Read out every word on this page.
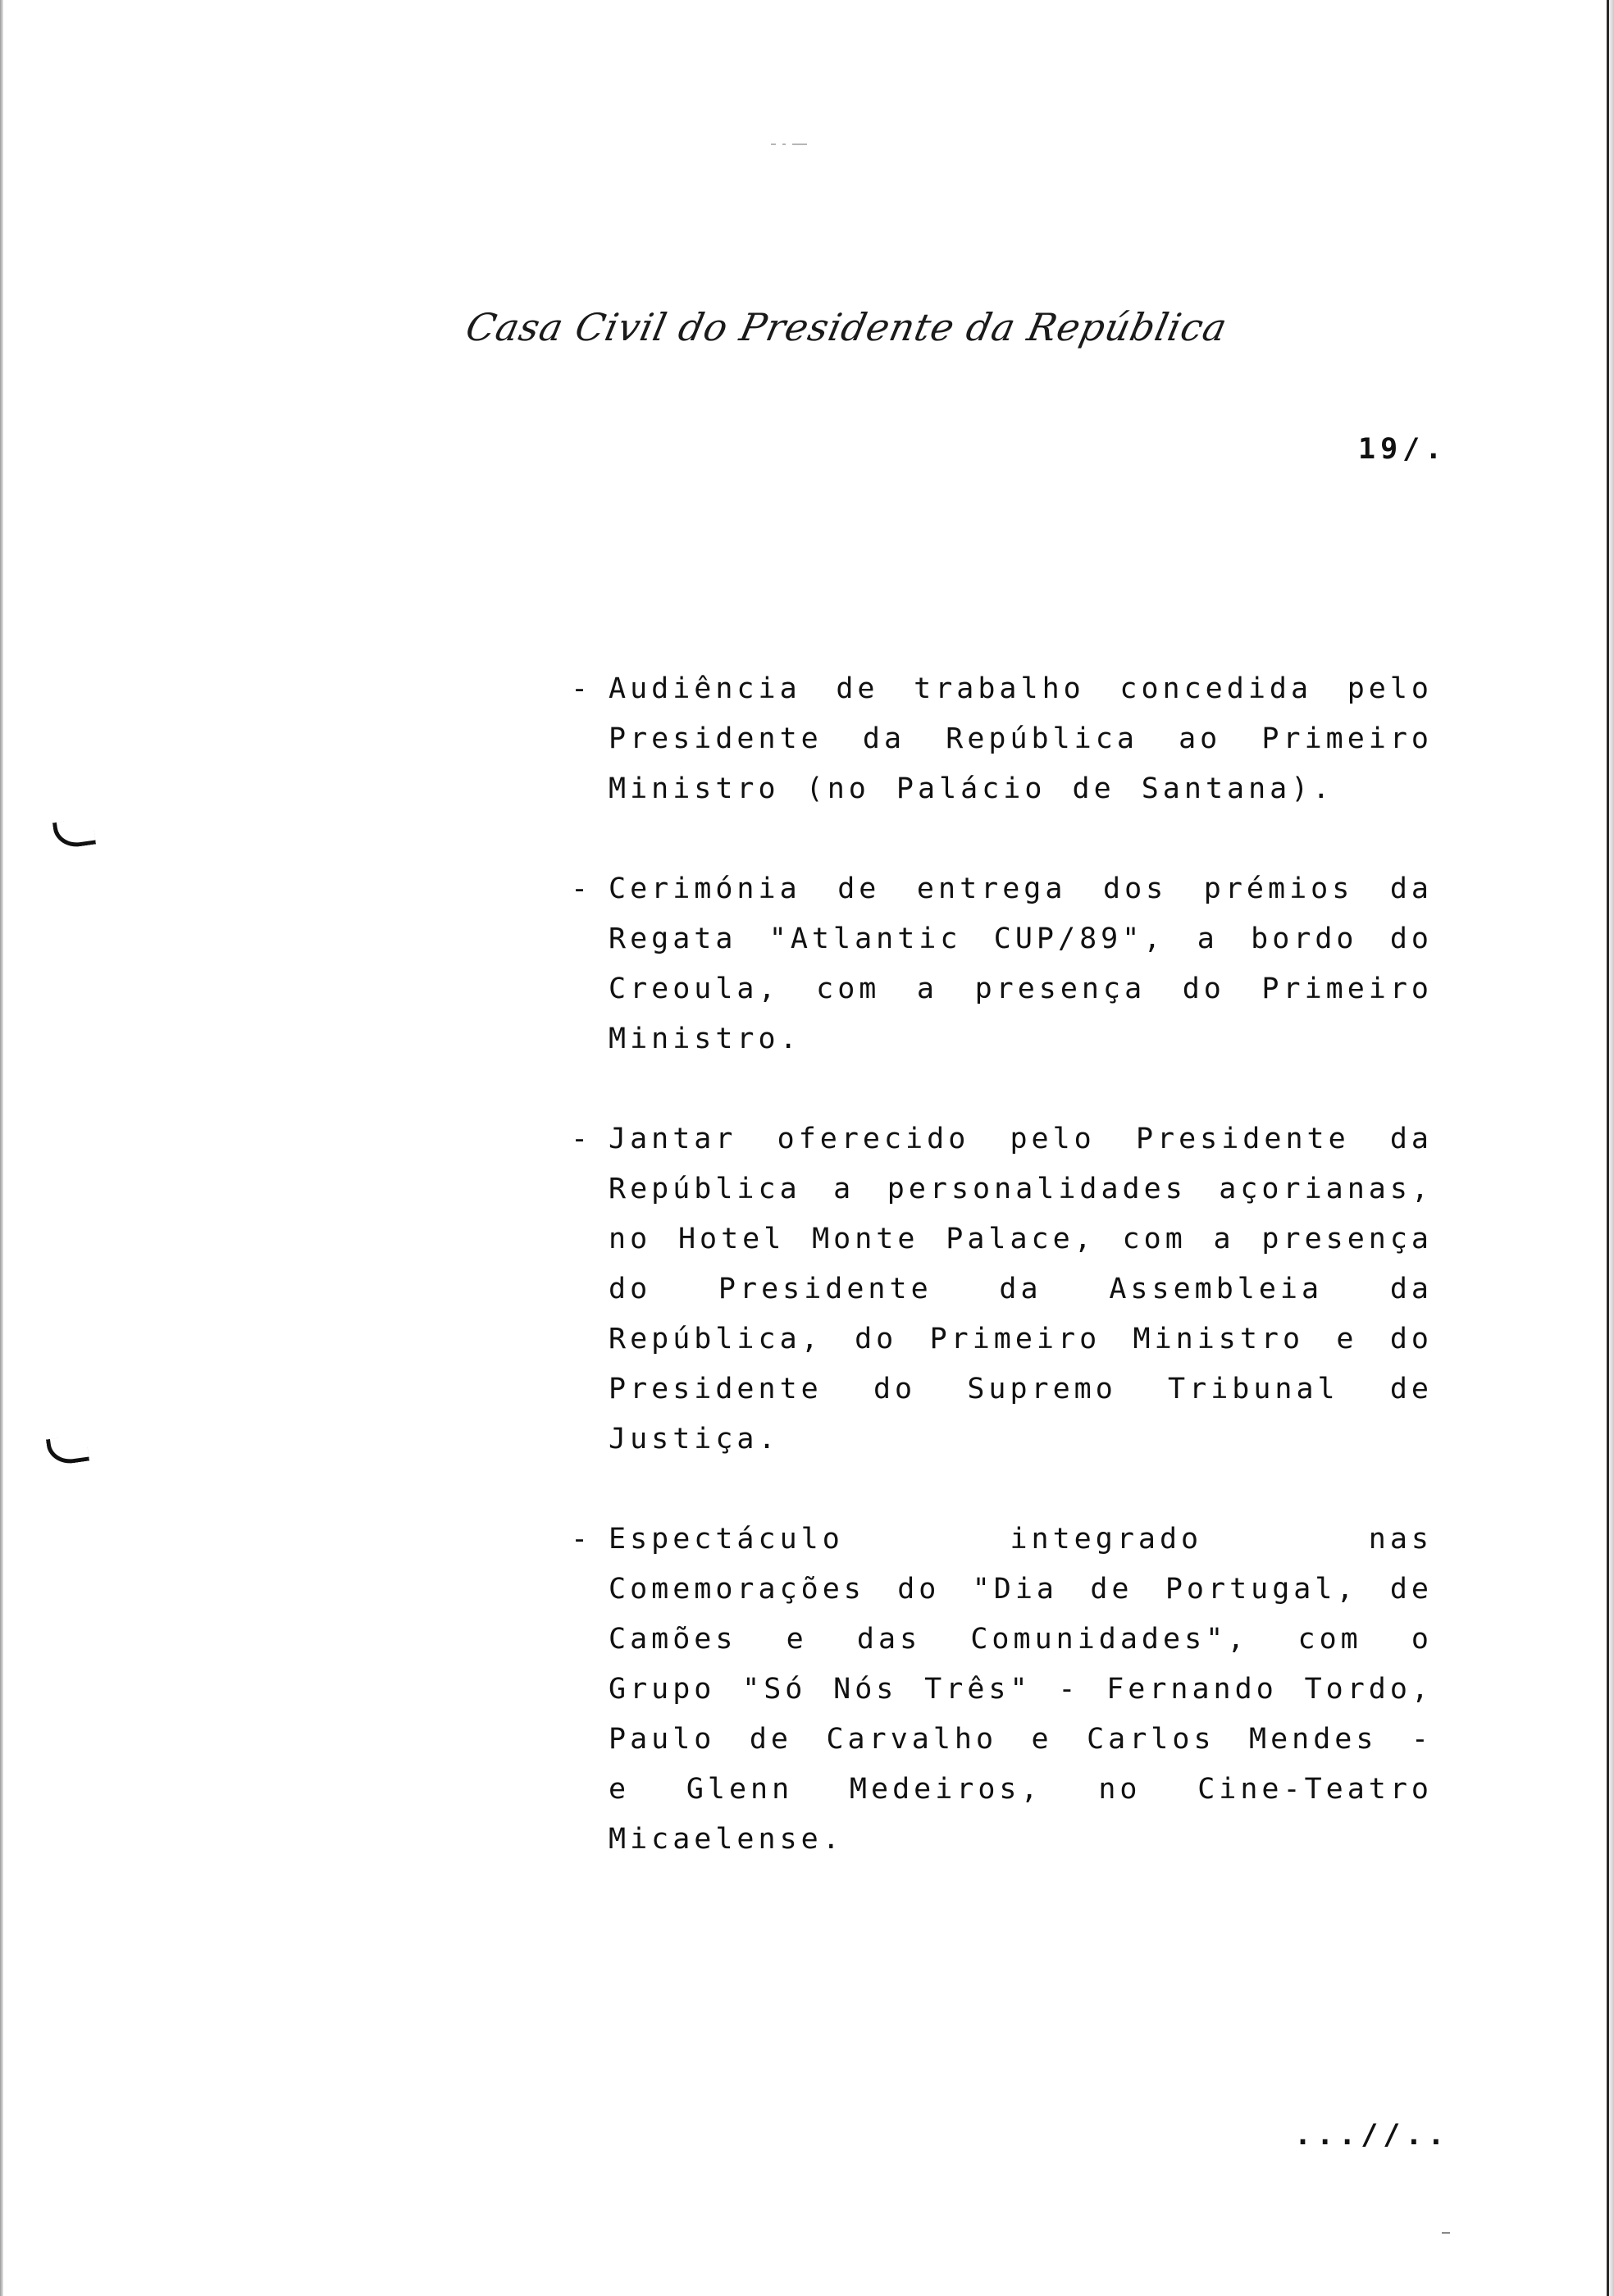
Casa Civil do Presidente da República
19/.
- Audiência de trabalho concedida pelo Presidente da República ao Primeiro Ministro (no Palácio de Santana).
- Cerimónia de entrega dos prémios da Regata "Atlantic CUP/89", a bordo do Creoula, com a presença do Primeiro Ministro.
- Jantar oferecido pelo Presidente da República a personalidades açorianas, no Hotel Monte Palace, com a presença do Presidente da Assembleia da República, do Primeiro Ministro e do Presidente do Supremo Tribunal de Justiça.
- Espectáculo integrado nas Comemorações do "Dia de Portugal, de Camões e das Comunidades", com o Grupo "Só Nós Três" - Fernando Tordo, Paulo de Carvalho e Carlos Mendes - e Glenn Medeiros, no Cine-Teatro Micaelense.
...//..
